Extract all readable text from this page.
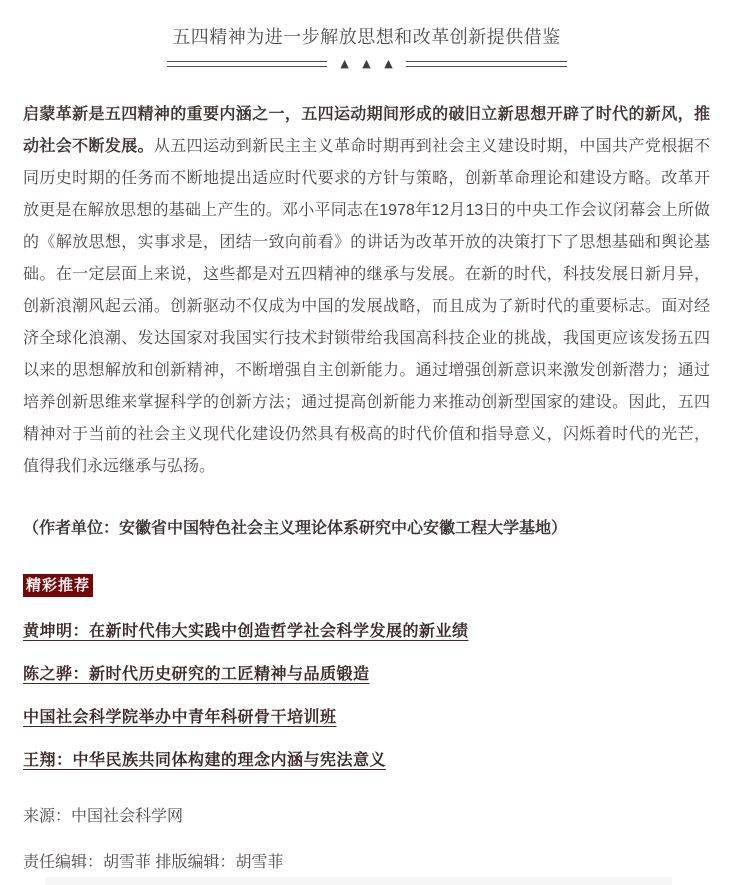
五四精神为进一步解放思想和改革创新提供借鉴
▲ ▲ ▲

启蒙革新是五四精神的重要内涵之一，五四运动期间形成的破旧立新思想开辟了时代的新风，推动社会不断发展。从五四运动到新民主主义革命时期再到社会主义建设时期，中国共产党根据不同历史时期的任务而不断地提出适应时代要求的方针与策略，创新革命理论和建设方略。改革开放更是在解放思想的基础上产生的。邓小平同志在1978年12月13日的中央工作会议闭幕会上所做的《解放思想，实事求是，团结一致向前看》的讲话为改革开放的决策打下了思想基础和舆论基础。在一定层面上来说，这些都是对五四精神的继承与发展。在新的时代，科技发展日新月异，创新浪潮风起云涌。创新驱动不仅成为中国的发展战略，而且成为了新时代的重要标志。面对经济全球化浪潮、发达国家对我国实行技术封锁带给我国高科技企业的挑战，我国更应该发扬五四以来的思想解放和创新精神，不断增强自主创新能力。通过增强创新意识来激发创新潜力；通过培养创新思维来掌握科学的创新方法；通过提高创新能力来推动创新型国家的建设。因此，五四精神对于当前的社会主义现代化建设仍然具有极高的时代价值和指导意义，闪烁着时代的光芒，值得我们永远继承与弘扬。

（作者单位：安徽省中国特色社会主义理论体系研究中心安徽工程大学基地）
精彩推荐
黄坤明：在新时代伟大实践中创造哲学社会科学发展的新业绩
陈之骅：新时代历史研究的工匠精神与品质锻造
中国社会科学院举办中青年科研骨干培训班
王翔：中华民族共同体构建的理念内涵与宪法意义
来源：中国社会科学网
责任编辑：胡雪菲 排版编辑：胡雪菲
